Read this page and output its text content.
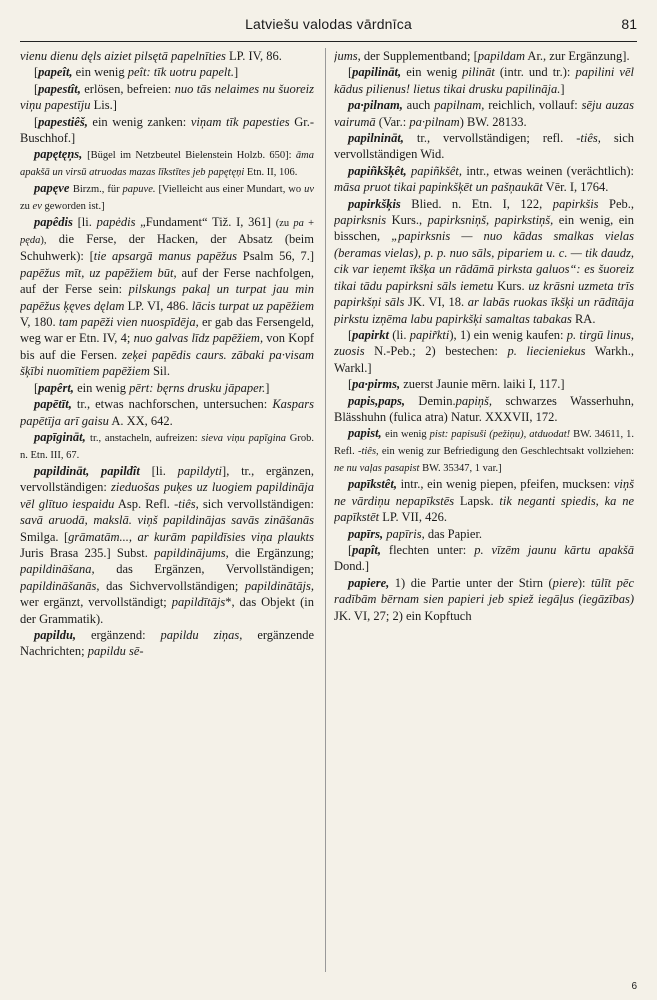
Latviešu valodas vārdnīca	81

vienu dienu dęls aiziet pilsętā papelnīties LP. IV, 86.

[papeît, ein wenig peît: tīk uotru papelt.]

[papestît, erlösen, befreien: nuo tās nelaimes nu šuoreiz viņu papestīju Lis.]

[papestiêš, ein wenig zanken: viņam tīk papesties Gr.-Buschhof.]

papętęņs, [Bügel im Netzbeutel Bielenstein Holzb. 650]: āma apakšā un virsū atruodas mazas līkstītes jeb papętęņi Etn. II, 106.

papęve Birzm., für papuve. [Vielleicht aus einer Mundart, wo uv zu ev geworden ist.]

papêdis [li. papėdis „Fundament“ Tiž. I, 361] (zu pa + pęda), die Ferse, der Hacken, der Absatz (beim Schuhwerk): [tie apsargā manus papēžus Psalm 56, 7.] papēžus mīt, uz papēžiem būt, auf der Ferse nachfolgen, auf der Ferse sein: pilskungs pakaļ un turpat jau min papēžus ķęves dęlam LP. VI, 486. lācis turpat uz papēžiem V, 180. tam papēži vien nuospīdēja, er gab das Fersengeld, weg war er Etn. IV, 4; nuo galvas līdz papēžiem, von Kopf bis auf die Fersen. zeķei papēdis caurs. zābaki pa·visam šķībi nuomītiem papēžiem Sil.

[papêrt, ein wenig pērt: bęrns drusku jāpaper.]

papētīt, tr., etwas nachforschen, untersuchen: Kaspars papētīja arī gaisu A. XX, 642.

papīgināt, tr., anstacheln, aufreizen: sieva viņu papīgina Grob. n. Etn. III, 67.

papildināt, papildît [li. papildyti], tr., ergänzen, vervollständigen: zieduošas puķes uz luogiem papildināja vēl glītuo iespaidu Asp. Refl. -tiês, sich vervollständigen: savā aruodā, makslā. viņš papildinājas savās zināšanās Smilga. [grāmatām..., ar kurām papildīsies viņa plaukts Juris Brasa 235.] Subst. papildinājums, die Ergänzung; papildināšana, das Ergänzen, Vervollständigen; papildināšanās, das Sichvervollständigen; papildinātājs, wer ergänzt, vervollständigt; papildītājs*, das Objekt (in der Grammatik).

papildu, ergänzend: papildu ziņas, ergänzende Nachrichten; papildu sē-

jums, der Supplementband; [papildam Ar., zur Ergänzung].

[papilināt, ein wenig pilināt (intr. und tr.): papilini vēl kādus pilienus! lietus tikai drusku papilināja.]

pa·pilnam, auch papilnam, reichlich, vollauf: sēju auzas vairumā (Var.: pa·pilnam) BW. 28133.

papilnināt, tr., vervollständigen; refl. -tiês, sich vervollständigen Wid.

papiñkšķêt, papiñkšêt, intr., etwas weinen (verächtlich): māsa pruot tikai papinkšķēt un pašņaukāt Vēr. I, 1764.

papirkšķis Blied. n. Etn. I, 122, papirkšis Peb., papirksnis Kurs., papirksniņš, papirkstiņš, ein wenig, ein bisschen, „papirksnis — nuo kādas smalkas vielas (beramas vielas), p. p. nuo sāls, pipariem u. c. — tik daudz, cik var ieņemt īkšķa un rādāmā pirksta galuos“: es šuoreiz tikai tādu papirksni sāls iemetu Kurs. uz krāsni uzmeta trīs papirkšņi sāls JK. VI, 18. ar labās ruokas īkšķi un rādītāja pirkstu izņēma labu papirkšķi samaltas tabakas RA.

[papirkt (li. papir̃kti), 1) ein wenig kaufen: p. tirgū linus, zuosis N.-Peb.; 2) bestechen: p. liecieniekus Warkh., Warkl.]

[pa·pirms, zuerst Jaunie mērn. laiki I, 117.]

papis,paps, Demin.papiņš, schwarzes Wasserhuhn, Blässhuhn (fulica atra) Natur. XXXVII, 172.

papist, ein wenig pist: papisuši (pežiņu), atduodat! BW. 34611, 1. Refl. -tiês, ein wenig zur Befriedigung den Geschlechtsakt vollziehen: ne nu vaļas pasapist BW. 35347, 1 var.]

papīkstêt, intr., ein wenig piepen, pfeifen, mucksen: viņš ne vārdiņu nepapīkstēs Lapsk. tik neganti spiedis, ka ne papīkstēt LP. VII, 426.

papīrs, papīris, das Papier.

[papît, flechten unter: p. vīzēm jaunu kārtu apakšā Dond.]

papiere, 1) die Partie unter der Stirn (piere): tūlīt pēc radībām bērnam sien papieri jeb spiež iegāļus (iegāzības) JK. VI, 27; 2) ein Kopftuch

6
